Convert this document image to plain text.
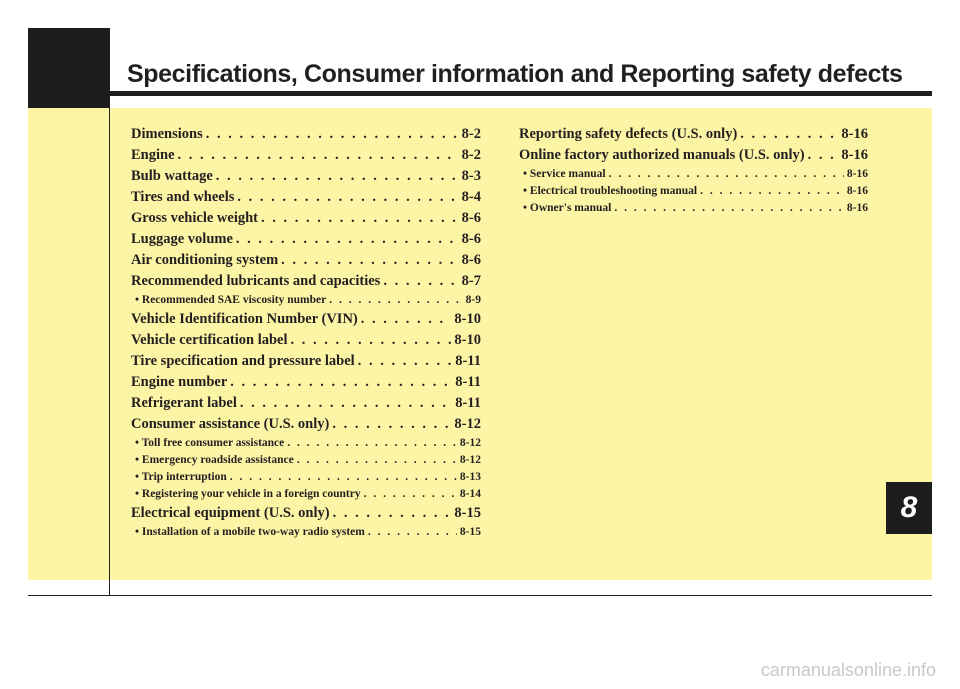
Specifications, Consumer information and Reporting safety defects
Dimensions . . .	8-2
Engine . . .	8-2
Bulb wattage . . .	8-3
Tires and wheels . . .	8-4
Gross vehicle weight . . .	8-6
Luggage volume . . .	8-6
Air conditioning system . . .	8-6
Recommended lubricants and capacities . . .	8-7
• Recommended SAE viscosity number . . .	8-9
Vehicle Identification Number (VIN) . . .	8-10
Vehicle certification label . . .	8-10
Tire specification and pressure label . . .	8-11
Engine number . . .	8-11
Refrigerant label . . .	8-11
Consumer assistance (U.S. only) . . .	8-12
• Toll free consumer assistance . . .	8-12
• Emergency roadside assistance . . .	8-12
• Trip interruption . . .	8-13
• Registering your vehicle in a foreign country . . .	8-14
Electrical equipment (U.S. only) . . .	8-15
• Installation of a mobile two-way radio system . . .	8-15
Reporting safety defects (U.S. only) . . .	8-16
Online factory authorized manuals (U.S. only) . . .	8-16
• Service manual . . .	8-16
• Electrical troubleshooting manual . . .	8-16
• Owner's manual . . .	8-16
8

carmanualsonline.info
